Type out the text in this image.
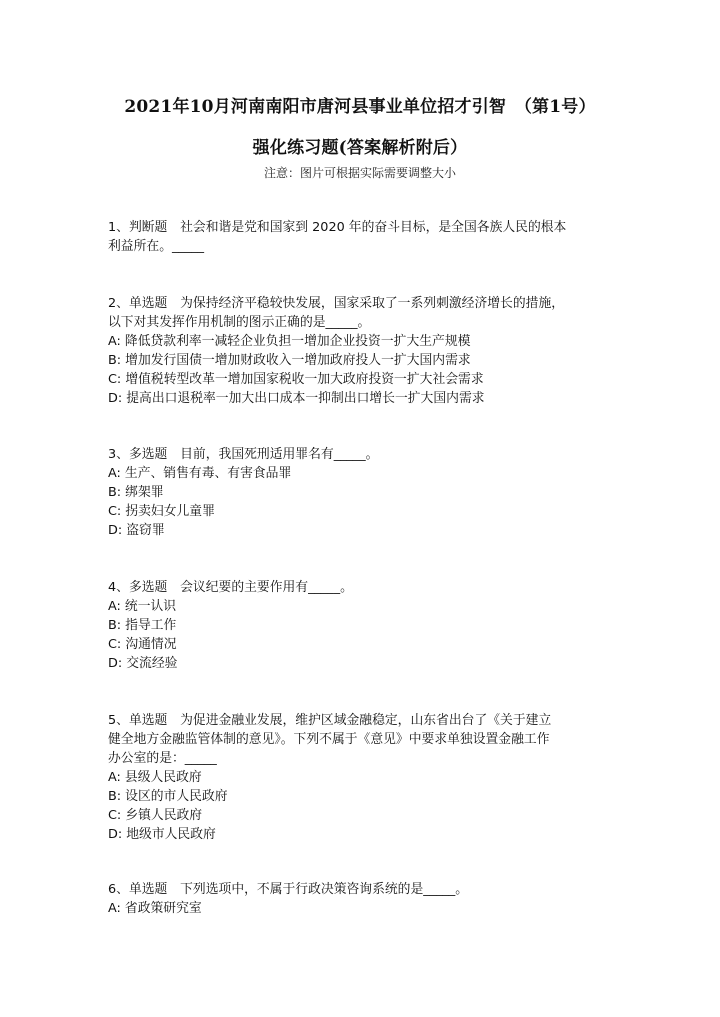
2021年10月河南南阳市唐河县事业单位招才引智　（第1号）
强化练习题(答案解析附后）
注意：图片可根据实际需要调整大小

1、判断题　社会和谐是党和国家到 2020 年的奋斗目标，是全国各族人民的根本

利益所在。_____

2、单选题　为保持经济平稳较快发展，国家采取了一系列刺激经济增长的措施，

以下对其发挥作用机制的图示正确的是_____。

A: 降低贷款利率一减轻企业负担一增加企业投资一扩大生产规模

B: 增加发行国债一增加财政收入一增加政府投人一扩大国内需求

C: 增值税转型改革一增加国家税收一加大政府投资一扩大社会需求

D: 提高出口退税率一加大出口成本一抑制出口增长一扩大国内需求

3、多选题　目前，我国死刑适用罪名有_____。

A: 生产、销售有毒、有害食品罪

B: 绑架罪

C: 拐卖妇女儿童罪

D: 盗窃罪

4、多选题　会议纪要的主要作用有_____。

A: 统一认识

B: 指导工作

C: 沟通情况

D: 交流经验

5、单选题　为促进金融业发展，维护区域金融稳定，山东省出台了《关于建立

健全地方金融监管体制的意见》。下列不属于《意见》中要求单独设置金融工作

办公室的是：_____

A: 县级人民政府

B: 设区的市人民政府

C: 乡镇人民政府

D: 地级市人民政府

6、单选题　下列选项中，不属于行政决策咨询系统的是_____。

A: 省政策研究室
